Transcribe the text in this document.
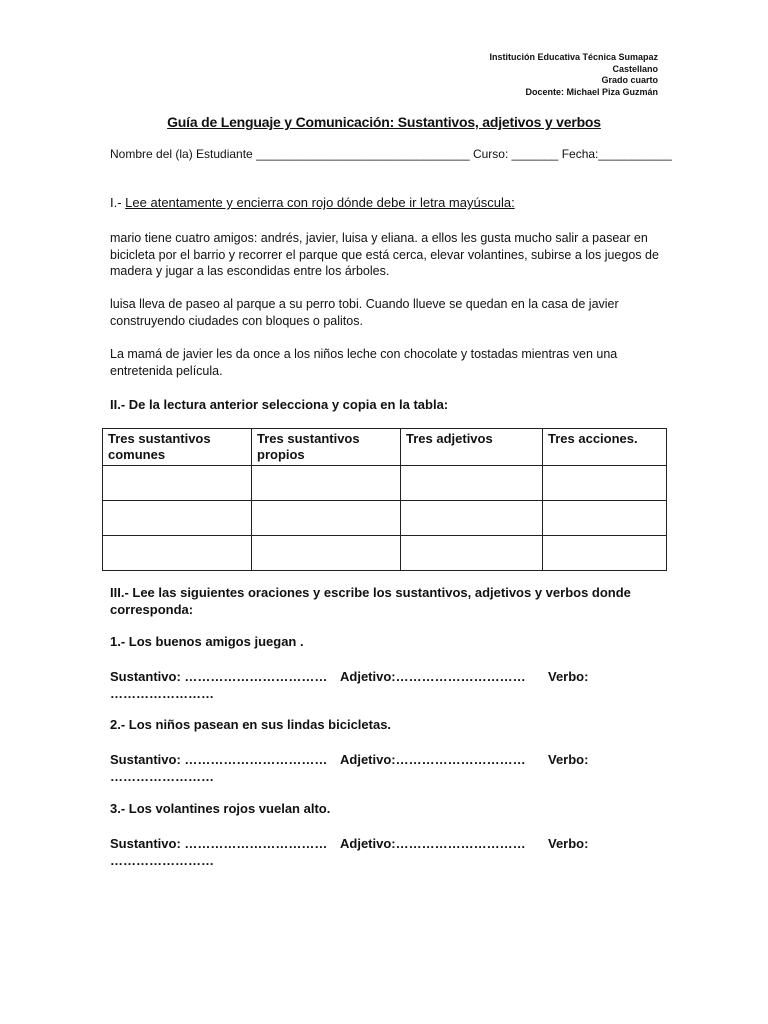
Institución Educativa Técnica Sumapaz
Castellano
Grado cuarto
Docente: Michael Piza Guzmán
Guía de Lenguaje y Comunicación: Sustantivos, adjetivos y verbos
Nombre del (la) Estudiante ________________________________ Curso: _______ Fecha:___________
I.- Lee atentamente y encierra con rojo dónde debe ir letra mayúscula:
mario tiene cuatro amigos: andrés, javier, luisa y eliana. a ellos les gusta mucho salir a pasear en bicicleta por el barrio y recorrer el parque que está cerca, elevar volantines, subirse a los juegos de madera y jugar a las escondidas entre los árboles.
luisa lleva de paseo al parque a su perro tobi. Cuando llueve se quedan en la casa de javier construyendo ciudades con bloques o palitos.
La mamá de javier les da once a los niños leche con chocolate y tostadas mientras ven una entretenida película.
II.- De la lectura anterior selecciona y copia en la tabla:
Tres sustantivos comunes	Tres sustantivos propios	Tres adjetivos	Tres acciones.

III.- Lee las siguientes oraciones y escribe los sustantivos, adjetivos y verbos donde corresponda:
1.- Los buenos amigos juegan .
Sustantivo: …………………………… Adjetivo:………………………… Verbo:
……………………
2.- Los niños pasean en sus lindas bicicletas.
Sustantivo: …………………………… Adjetivo:………………………… Verbo:
……………………
3.- Los volantines rojos vuelan alto.
Sustantivo: …………………………… Adjetivo:………………………… Verbo:
……………………
